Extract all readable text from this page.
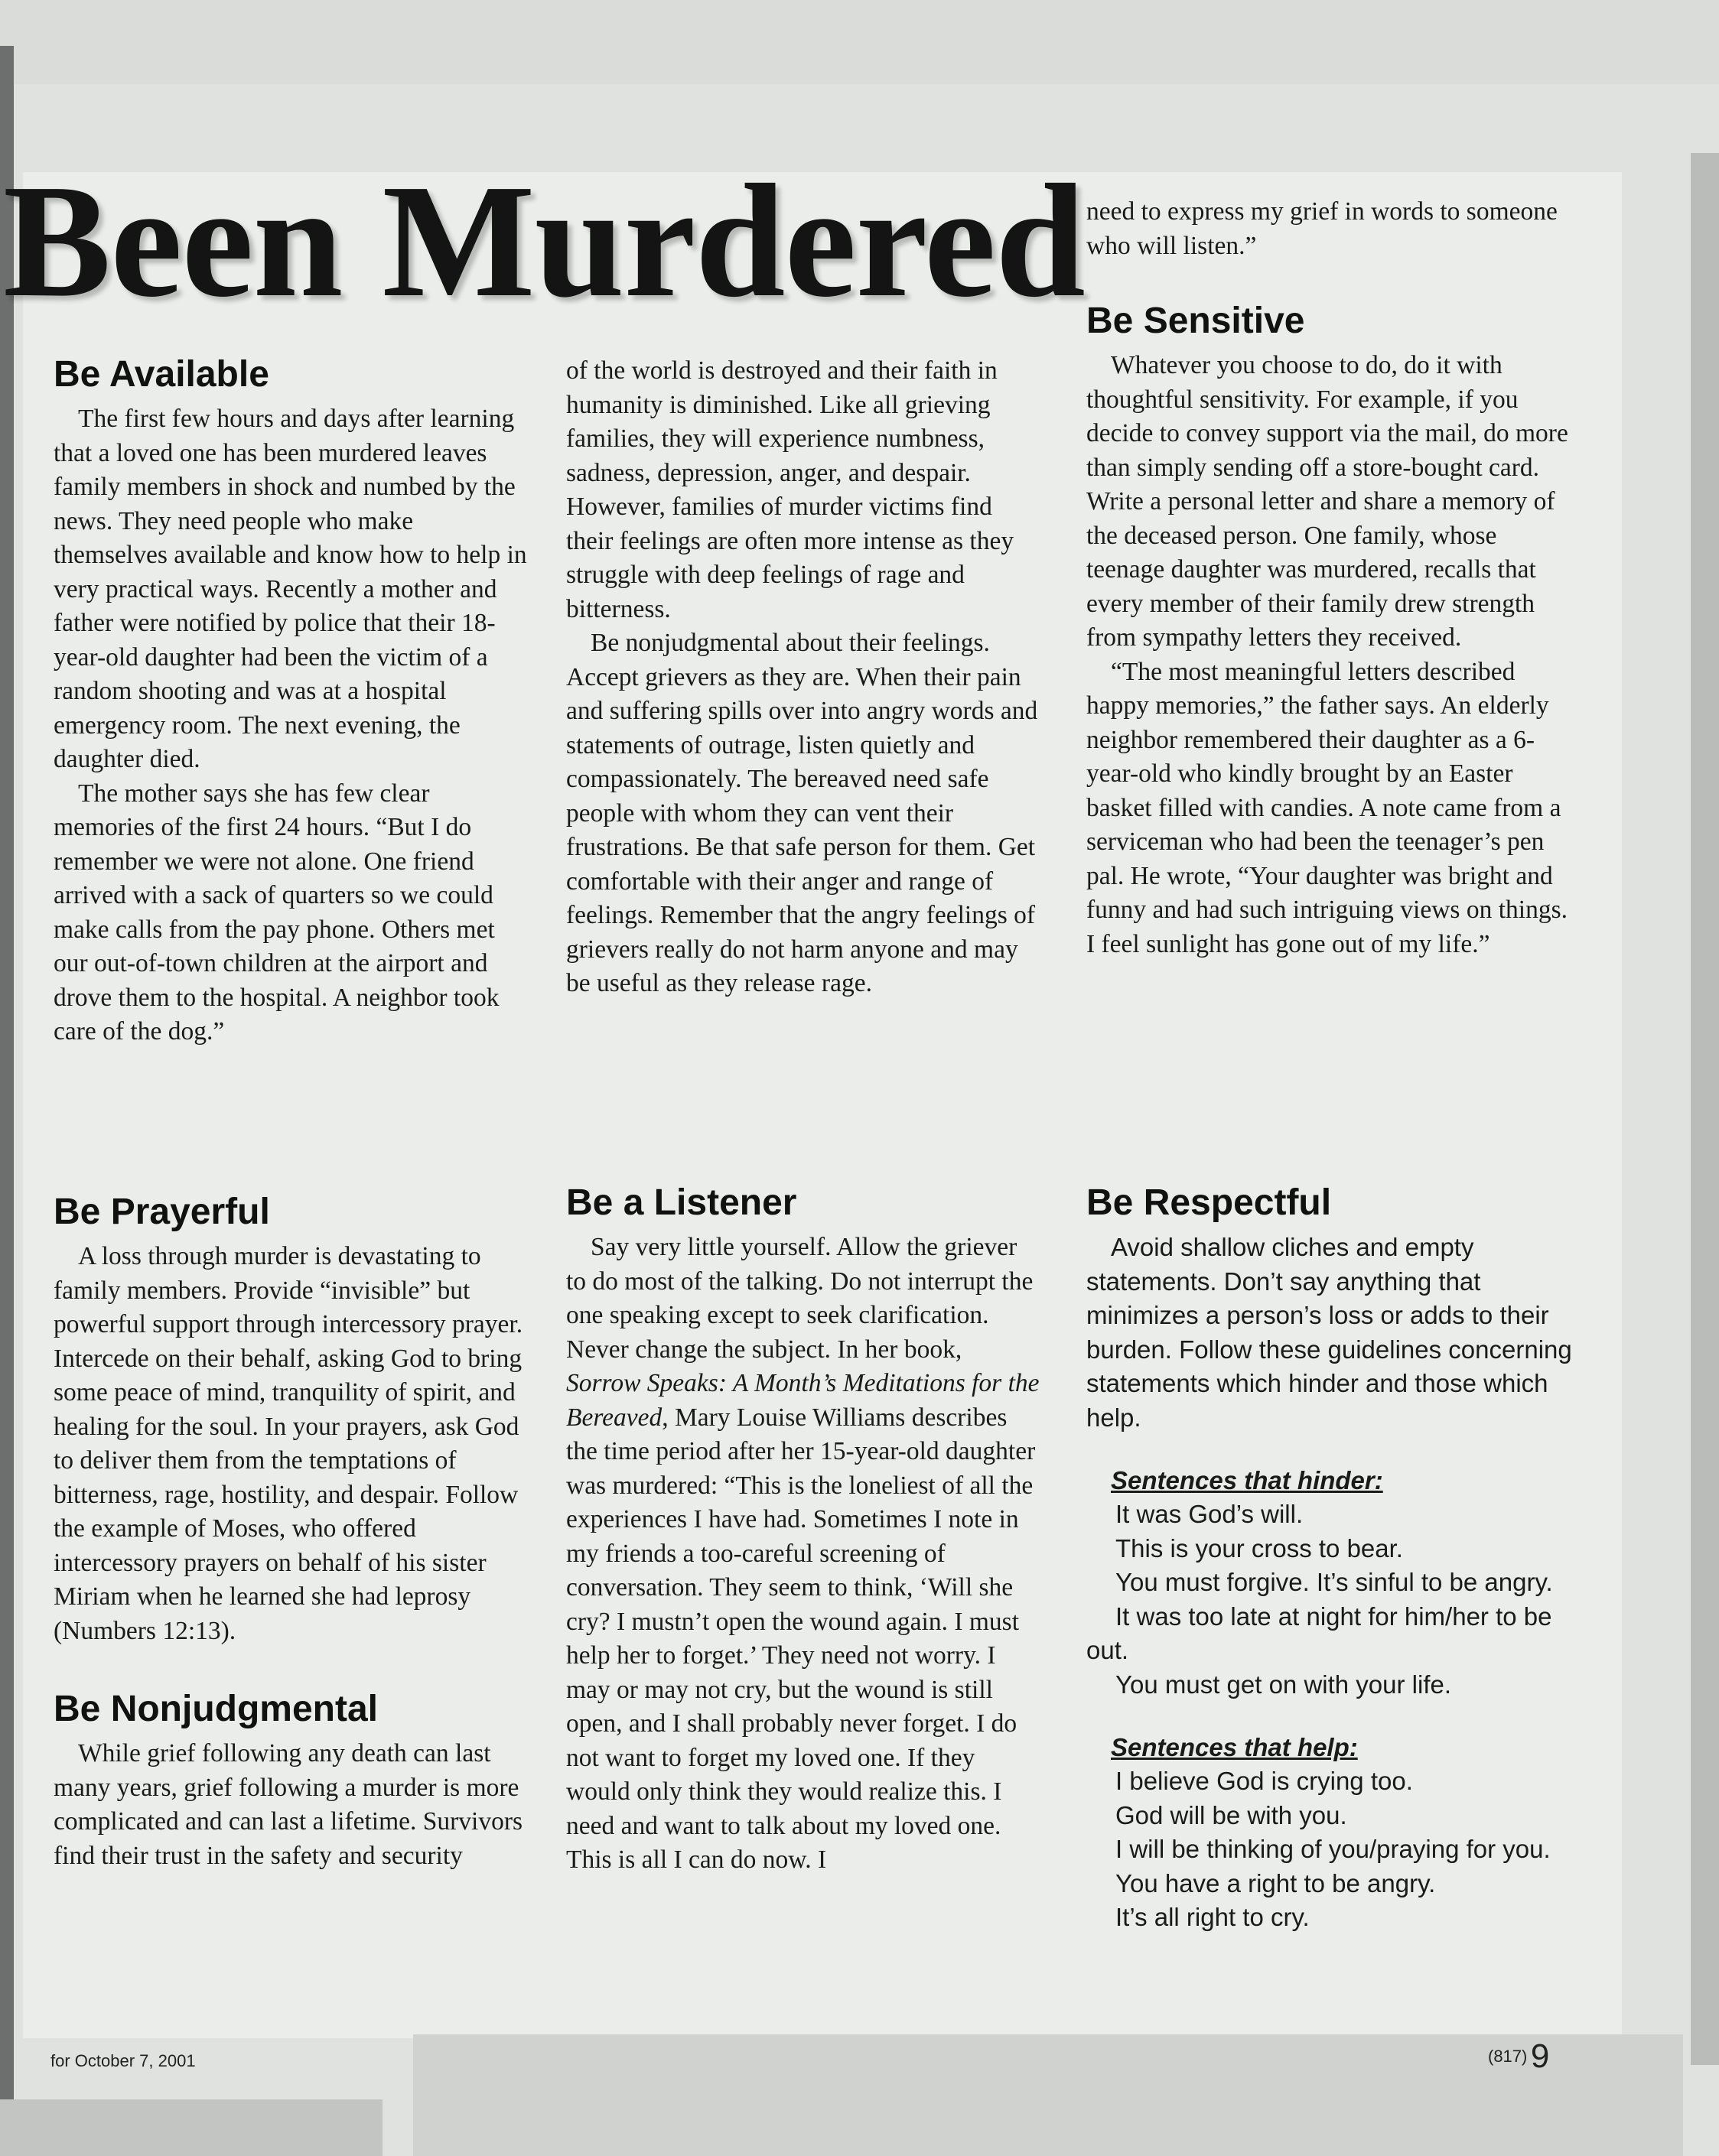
Been Murdered
Be Available

The first few hours and days after learning that a loved one has been murdered leaves family members in shock and numbed by the news. They need people who make themselves available and know how to help in very practical ways. Recently a mother and father were notified by police that their 18-year-old daughter had been the victim of a random shooting and was at a hospital emergency room. The next evening, the daughter died.

The mother says she has few clear memories of the first 24 hours. “But I do remember we were not alone. One friend arrived with a sack of quarters so we could make calls from the pay phone. Others met our out-of-town children at the airport and drove them to the hospital. A neighbor took care of the dog.”

Be Prayerful

A loss through murder is devastating to family members. Provide “invisible” but powerful support through intercessory prayer. Intercede on their behalf, asking God to bring some peace of mind, tranquility of spirit, and healing for the soul. In your prayers, ask God to deliver them from the temptations of bitterness, rage, hostility, and despair. Follow the example of Moses, who offered intercessory prayers on behalf of his sister Miriam when he learned she had leprosy (Numbers 12:13).

Be Nonjudgmental

While grief following any death can last many years, grief following a murder is more complicated and can last a lifetime. Survivors find their trust in the safety and security

of the world is destroyed and their faith in humanity is diminished. Like all grieving families, they will experience numbness, sadness, depression, anger, and despair. However, families of murder victims find their feelings are often more intense as they struggle with deep feelings of rage and bitterness.

Be nonjudgmental about their feelings. Accept grievers as they are. When their pain and suffering spills over into angry words and statements of outrage, listen quietly and compassionately. The bereaved need safe people with whom they can vent their frustrations. Be that safe person for them. Get comfortable with their anger and range of feelings. Remember that the angry feelings of grievers really do not harm anyone and may be useful as they release rage.

Be a Listener

Say very little yourself. Allow the griever to do most of the talking. Do not interrupt the one speaking except to seek clarification. Never change the subject. In her book, Sorrow Speaks: A Month’s Meditations for the Bereaved, Mary Louise Williams describes the time period after her 15-year-old daughter was murdered: “This is the loneliest of all the experiences I have had. Sometimes I note in my friends a too-careful screening of conversation. They seem to think, ‘Will she cry? I mustn’t open the wound again. I must help her to forget.’ They need not worry. I may or may not cry, but the wound is still open, and I shall probably never forget. I do not want to forget my loved one. If they would only think they would realize this. I need and want to talk about my loved one. This is all I can do now. I

need to express my grief in words to someone who will listen.”

Be Sensitive

Whatever you choose to do, do it with thoughtful sensitivity. For example, if you decide to convey support via the mail, do more than simply sending off a store-bought card. Write a personal letter and share a memory of the deceased person. One family, whose teenage daughter was murdered, recalls that every member of their family drew strength from sympathy letters they received.

“The most meaningful letters described happy memories,” the father says. An elderly neighbor remembered their daughter as a 6-year-old who kindly brought by an Easter basket filled with candies. A note came from a serviceman who had been the teenager’s pen pal. He wrote, “Your daughter was bright and funny and had such intriguing views on things. I feel sunlight has gone out of my life.”

Be Respectful

Avoid shallow cliches and empty statements. Don’t say anything that minimizes a person’s loss or adds to their burden. Follow these guidelines concerning statements which hinder and those which help.

Sentences that hinder:

It was God’s will.

This is your cross to bear.

You must forgive. It’s sinful to be angry.

It was too late at night for him/her to be out.

You must get on with your life.

Sentences that help:

I believe God is crying too.

God will be with you.

I will be thinking of you/praying for you.

You have a right to be angry.

It’s all right to cry.

for October 7, 2001	(817) 9
